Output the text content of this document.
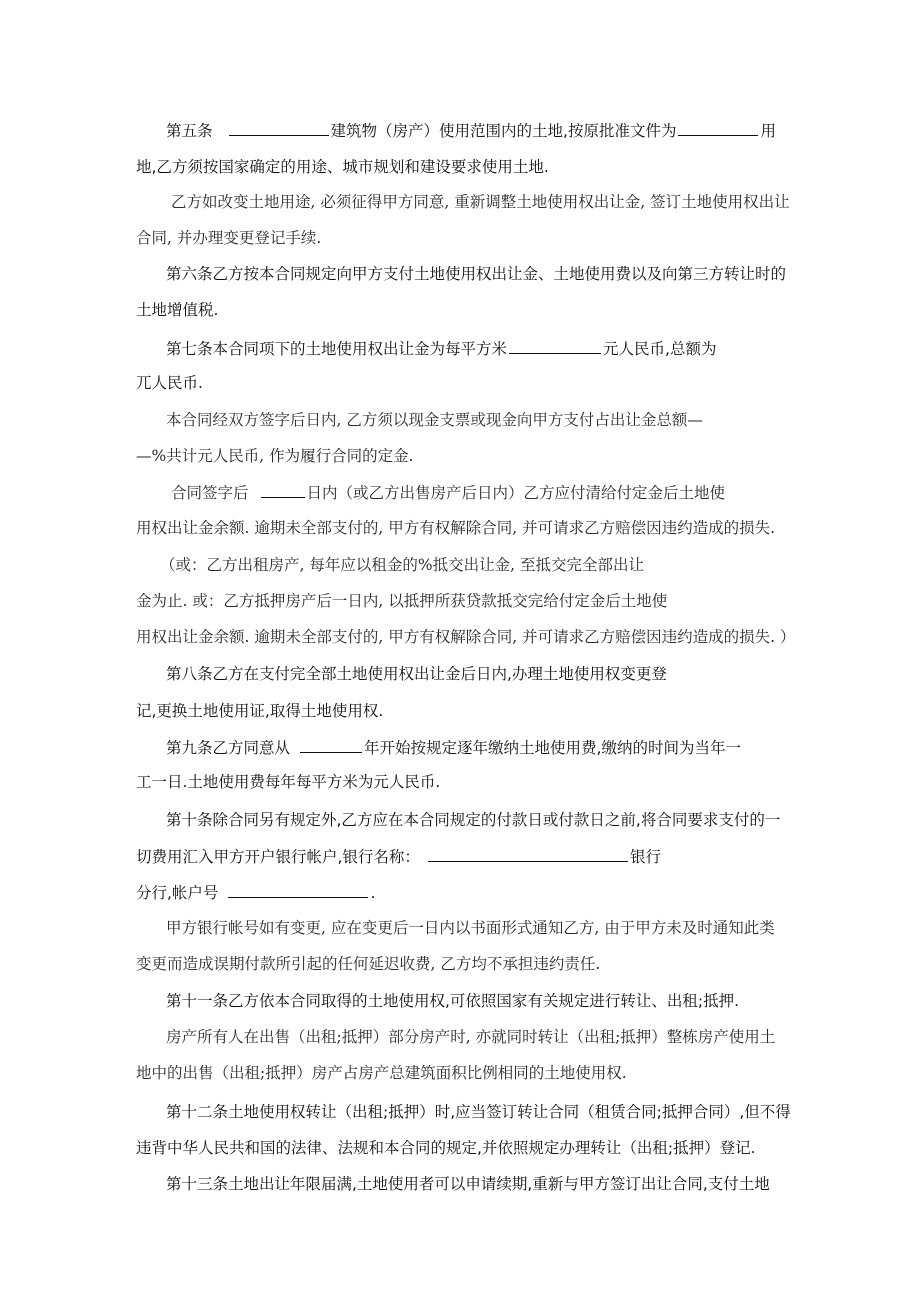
第五条	建筑物（房产）使用范围内的土地,按原批准文件为	用
地,乙方须按国家确定的用途、城市规划和建设要求使用土地.
乙方如改变土地用途, 必须征得甲方同意, 重新调整土地使用权出让金, 签订土地使用权出让
合同, 并办理变更登记手续.
第六条乙方按本合同规定向甲方支付土地使用权出让金、土地使用费以及向第三方转让时的
土地增值税.
第七条本合同项下的土地使用权出让金为每平方米	元人民币,总额为
兀人民币.
本合同经双方签字后日内, 乙方须以现金支票或现金向甲方支付占出让金总额—
—%共计元人民币, 作为履行合同的定金.
合同签字后	日内（或乙方出售房产后日内）乙方应付清给付定金后土地使
用权出让金余额. 逾期未全部支付的, 甲方有权解除合同, 并可请求乙方赔偿因违约造成的损失.
（或：乙方出租房产, 每年应以租金的%抵交出让金, 至抵交完全部出让
金为止. 或：乙方抵押房产后一日内, 以抵押所获贷款抵交完给付定金后土地使
用权出让金余额. 逾期未全部支付的, 甲方有权解除合同, 并可请求乙方赔偿因违约造成的损失. ）
第八条乙方在支付完全部土地使用权出让金后日内,办理土地使用权变更登
记,更换土地使用证,取得土地使用权.
第九条乙方同意从	年开始按规定逐年缴纳土地使用费,缴纳的时间为当年一
工一日.土地使用费每年每平方米为元人民币.
第十条除合同另有规定外,乙方应在本合同规定的付款日或付款日之前,将合同要求支付的一
切费用汇入甲方开户银行帐户,银行名称：	银行
分行,帐户号	.
甲方银行帐号如有变更, 应在变更后一日内以书面形式通知乙方, 由于甲方未及时通知此类
变更而造成误期付款所引起的任何延迟收费, 乙方均不承担违约责任.
第十一条乙方依本合同取得的土地使用权,可依照国家有关规定进行转让、出租;抵押.
房产所有人在出售（出租;抵押）部分房产时, 亦就同时转让（出租;抵押）整栋房产使用土
地中的出售（出租;抵押）房产占房产总建筑面积比例相同的土地使用权.
第十二条土地使用权转让（出租;抵押）时,应当签订转让合同（租赁合同;抵押合同）,但不得
违背中华人民共和国的法律、法规和本合同的规定,并依照规定办理转让（出租;抵押）登记.
第十三条土地出让年限届满,土地使用者可以申请续期,重新与甲方签订出让合同,支付土地
